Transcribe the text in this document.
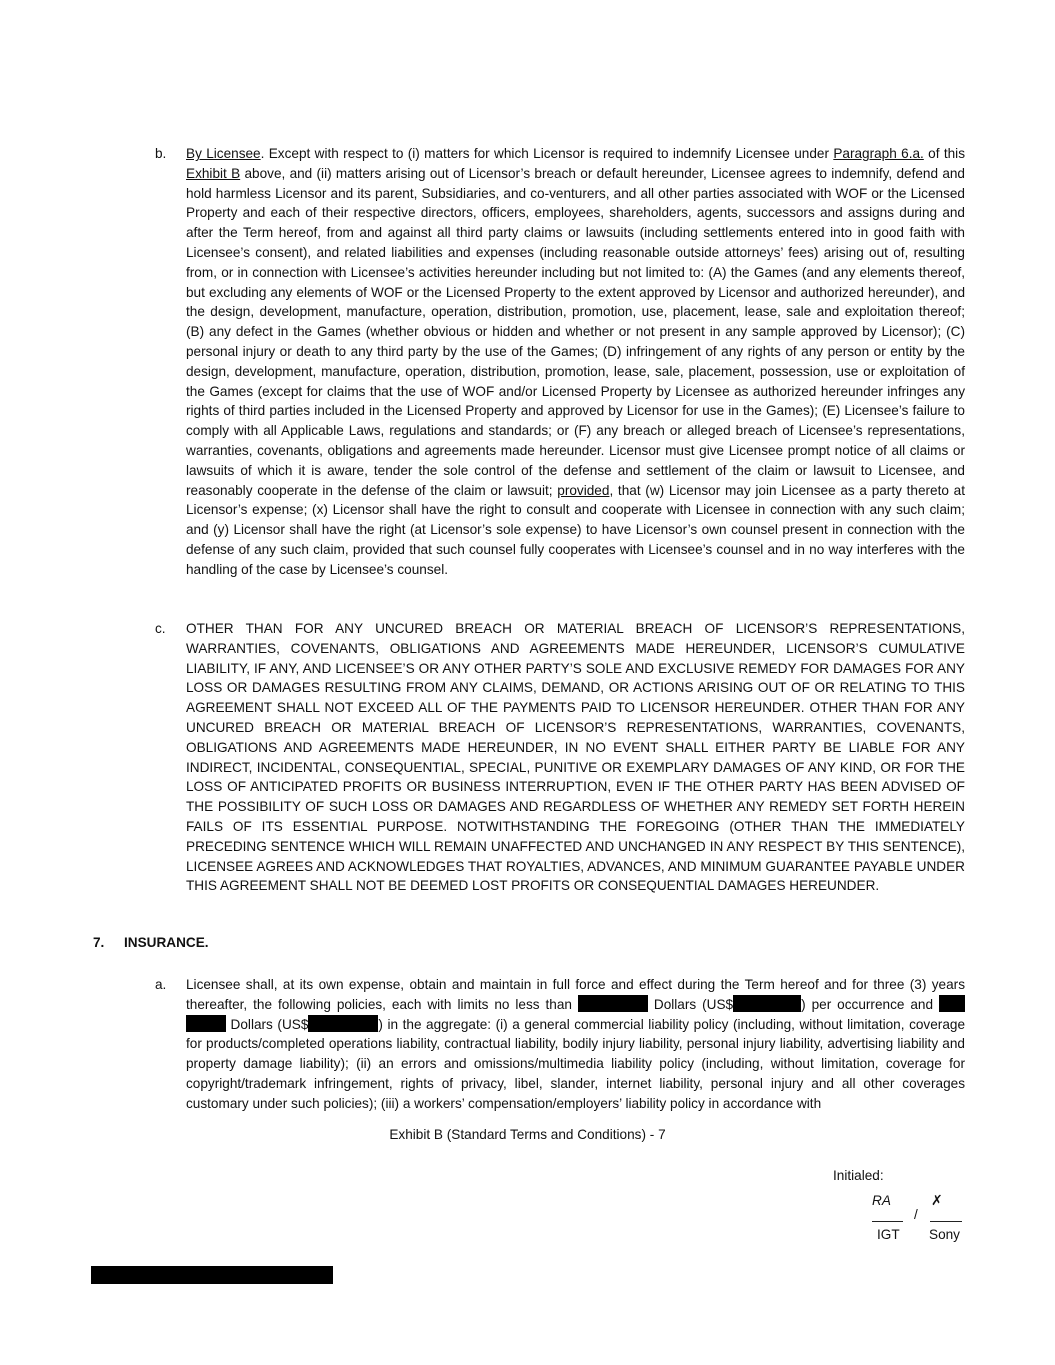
b. By Licensee. Except with respect to (i) matters for which Licensor is required to indemnify Licensee under Paragraph 6.a. of this Exhibit B above, and (ii) matters arising out of Licensor’s breach or default hereunder, Licensee agrees to indemnify, defend and hold harmless Licensor and its parent, Subsidiaries, and co-venturers, and all other parties associated with WOF or the Licensed Property and each of their respective directors, officers, employees, shareholders, agents, successors and assigns during and after the Term hereof, from and against all third party claims or lawsuits (including settlements entered into in good faith with Licensee’s consent), and related liabilities and expenses (including reasonable outside attorneys’ fees) arising out of, resulting from, or in connection with Licensee’s activities hereunder including but not limited to: (A) the Games (and any elements thereof, but excluding any elements of WOF or the Licensed Property to the extent approved by Licensor and authorized hereunder), and the design, development, manufacture, operation, distribution, promotion, use, placement, lease, sale and exploitation thereof; (B) any defect in the Games (whether obvious or hidden and whether or not present in any sample approved by Licensor); (C) personal injury or death to any third party by the use of the Games; (D) infringement of any rights of any person or entity by the design, development, manufacture, operation, distribution, promotion, lease, sale, placement, possession, use or exploitation of the Games (except for claims that the use of WOF and/or Licensed Property by Licensee as authorized hereunder infringes any rights of third parties included in the Licensed Property and approved by Licensor for use in the Games); (E) Licensee’s failure to comply with all Applicable Laws, regulations and standards; or (F) any breach or alleged breach of Licensee’s representations, warranties, covenants, obligations and agreements made hereunder. Licensor must give Licensee prompt notice of all claims or lawsuits of which it is aware, tender the sole control of the defense and settlement of the claim or lawsuit to Licensee, and reasonably cooperate in the defense of the claim or lawsuit; provided, that (w) Licensor may join Licensee as a party thereto at Licensor’s expense; (x) Licensor shall have the right to consult and cooperate with Licensee in connection with any such claim; and (y) Licensor shall have the right (at Licensor’s sole expense) to have Licensor’s own counsel present in connection with the defense of any such claim, provided that such counsel fully cooperates with Licensee’s counsel and in no way interferes with the handling of the case by Licensee’s counsel.
c. OTHER THAN FOR ANY UNCURED BREACH OR MATERIAL BREACH OF LICENSOR’S REPRESENTATIONS, WARRANTIES, COVENANTS, OBLIGATIONS AND AGREEMENTS MADE HEREUNDER, LICENSOR’S CUMULATIVE LIABILITY, IF ANY, AND LICENSEE’S OR ANY OTHER PARTY’S SOLE AND EXCLUSIVE REMEDY FOR DAMAGES FOR ANY LOSS OR DAMAGES RESULTING FROM ANY CLAIMS, DEMAND, OR ACTIONS ARISING OUT OF OR RELATING TO THIS AGREEMENT SHALL NOT EXCEED ALL OF THE PAYMENTS PAID TO LICENSOR HEREUNDER. OTHER THAN FOR ANY UNCURED BREACH OR MATERIAL BREACH OF LICENSOR’S REPRESENTATIONS, WARRANTIES, COVENANTS, OBLIGATIONS AND AGREEMENTS MADE HEREUNDER, IN NO EVENT SHALL EITHER PARTY BE LIABLE FOR ANY INDIRECT, INCIDENTAL, CONSEQUENTIAL, SPECIAL, PUNITIVE OR EXEMPLARY DAMAGES OF ANY KIND, OR FOR THE LOSS OF ANTICIPATED PROFITS OR BUSINESS INTERRUPTION, EVEN IF THE OTHER PARTY HAS BEEN ADVISED OF THE POSSIBILITY OF SUCH LOSS OR DAMAGES AND REGARDLESS OF WHETHER ANY REMEDY SET FORTH HEREIN FAILS OF ITS ESSENTIAL PURPOSE. NOTWITHSTANDING THE FOREGOING (OTHER THAN THE IMMEDIATELY PRECEDING SENTENCE WHICH WILL REMAIN UNAFFECTED AND UNCHANGED IN ANY RESPECT BY THIS SENTENCE), LICENSEE AGREES AND ACKNOWLEDGES THAT ROYALTIES, ADVANCES, AND MINIMUM GUARANTEE PAYABLE UNDER THIS AGREEMENT SHALL NOT BE DEEMED LOST PROFITS OR CONSEQUENTIAL DAMAGES HEREUNDER.
7. INSURANCE.
a. Licensee shall, at its own expense, obtain and maintain in full force and effect during the Term hereof and for three (3) years thereafter, the following policies, each with limits no less than	Dollars (US$	) per occurrence and   Dollars (US$	) in the aggregate: (i) a general commercial liability policy (including, without limitation, coverage for products/completed operations liability, contractual liability, bodily injury liability, personal injury liability, advertising liability and property damage liability); (ii) an errors and omissions/multimedia liability policy (including, without limitation, coverage for copyright/trademark infringement, rights of privacy, libel, slander, internet liability, personal injury and all other coverages customary under such policies); (iii) a workers’ compensation/employers’ liability policy in accordance with
Exhibit B (Standard Terms and Conditions) - 7
Initialed:
RA	✗
/
IGT Sony
